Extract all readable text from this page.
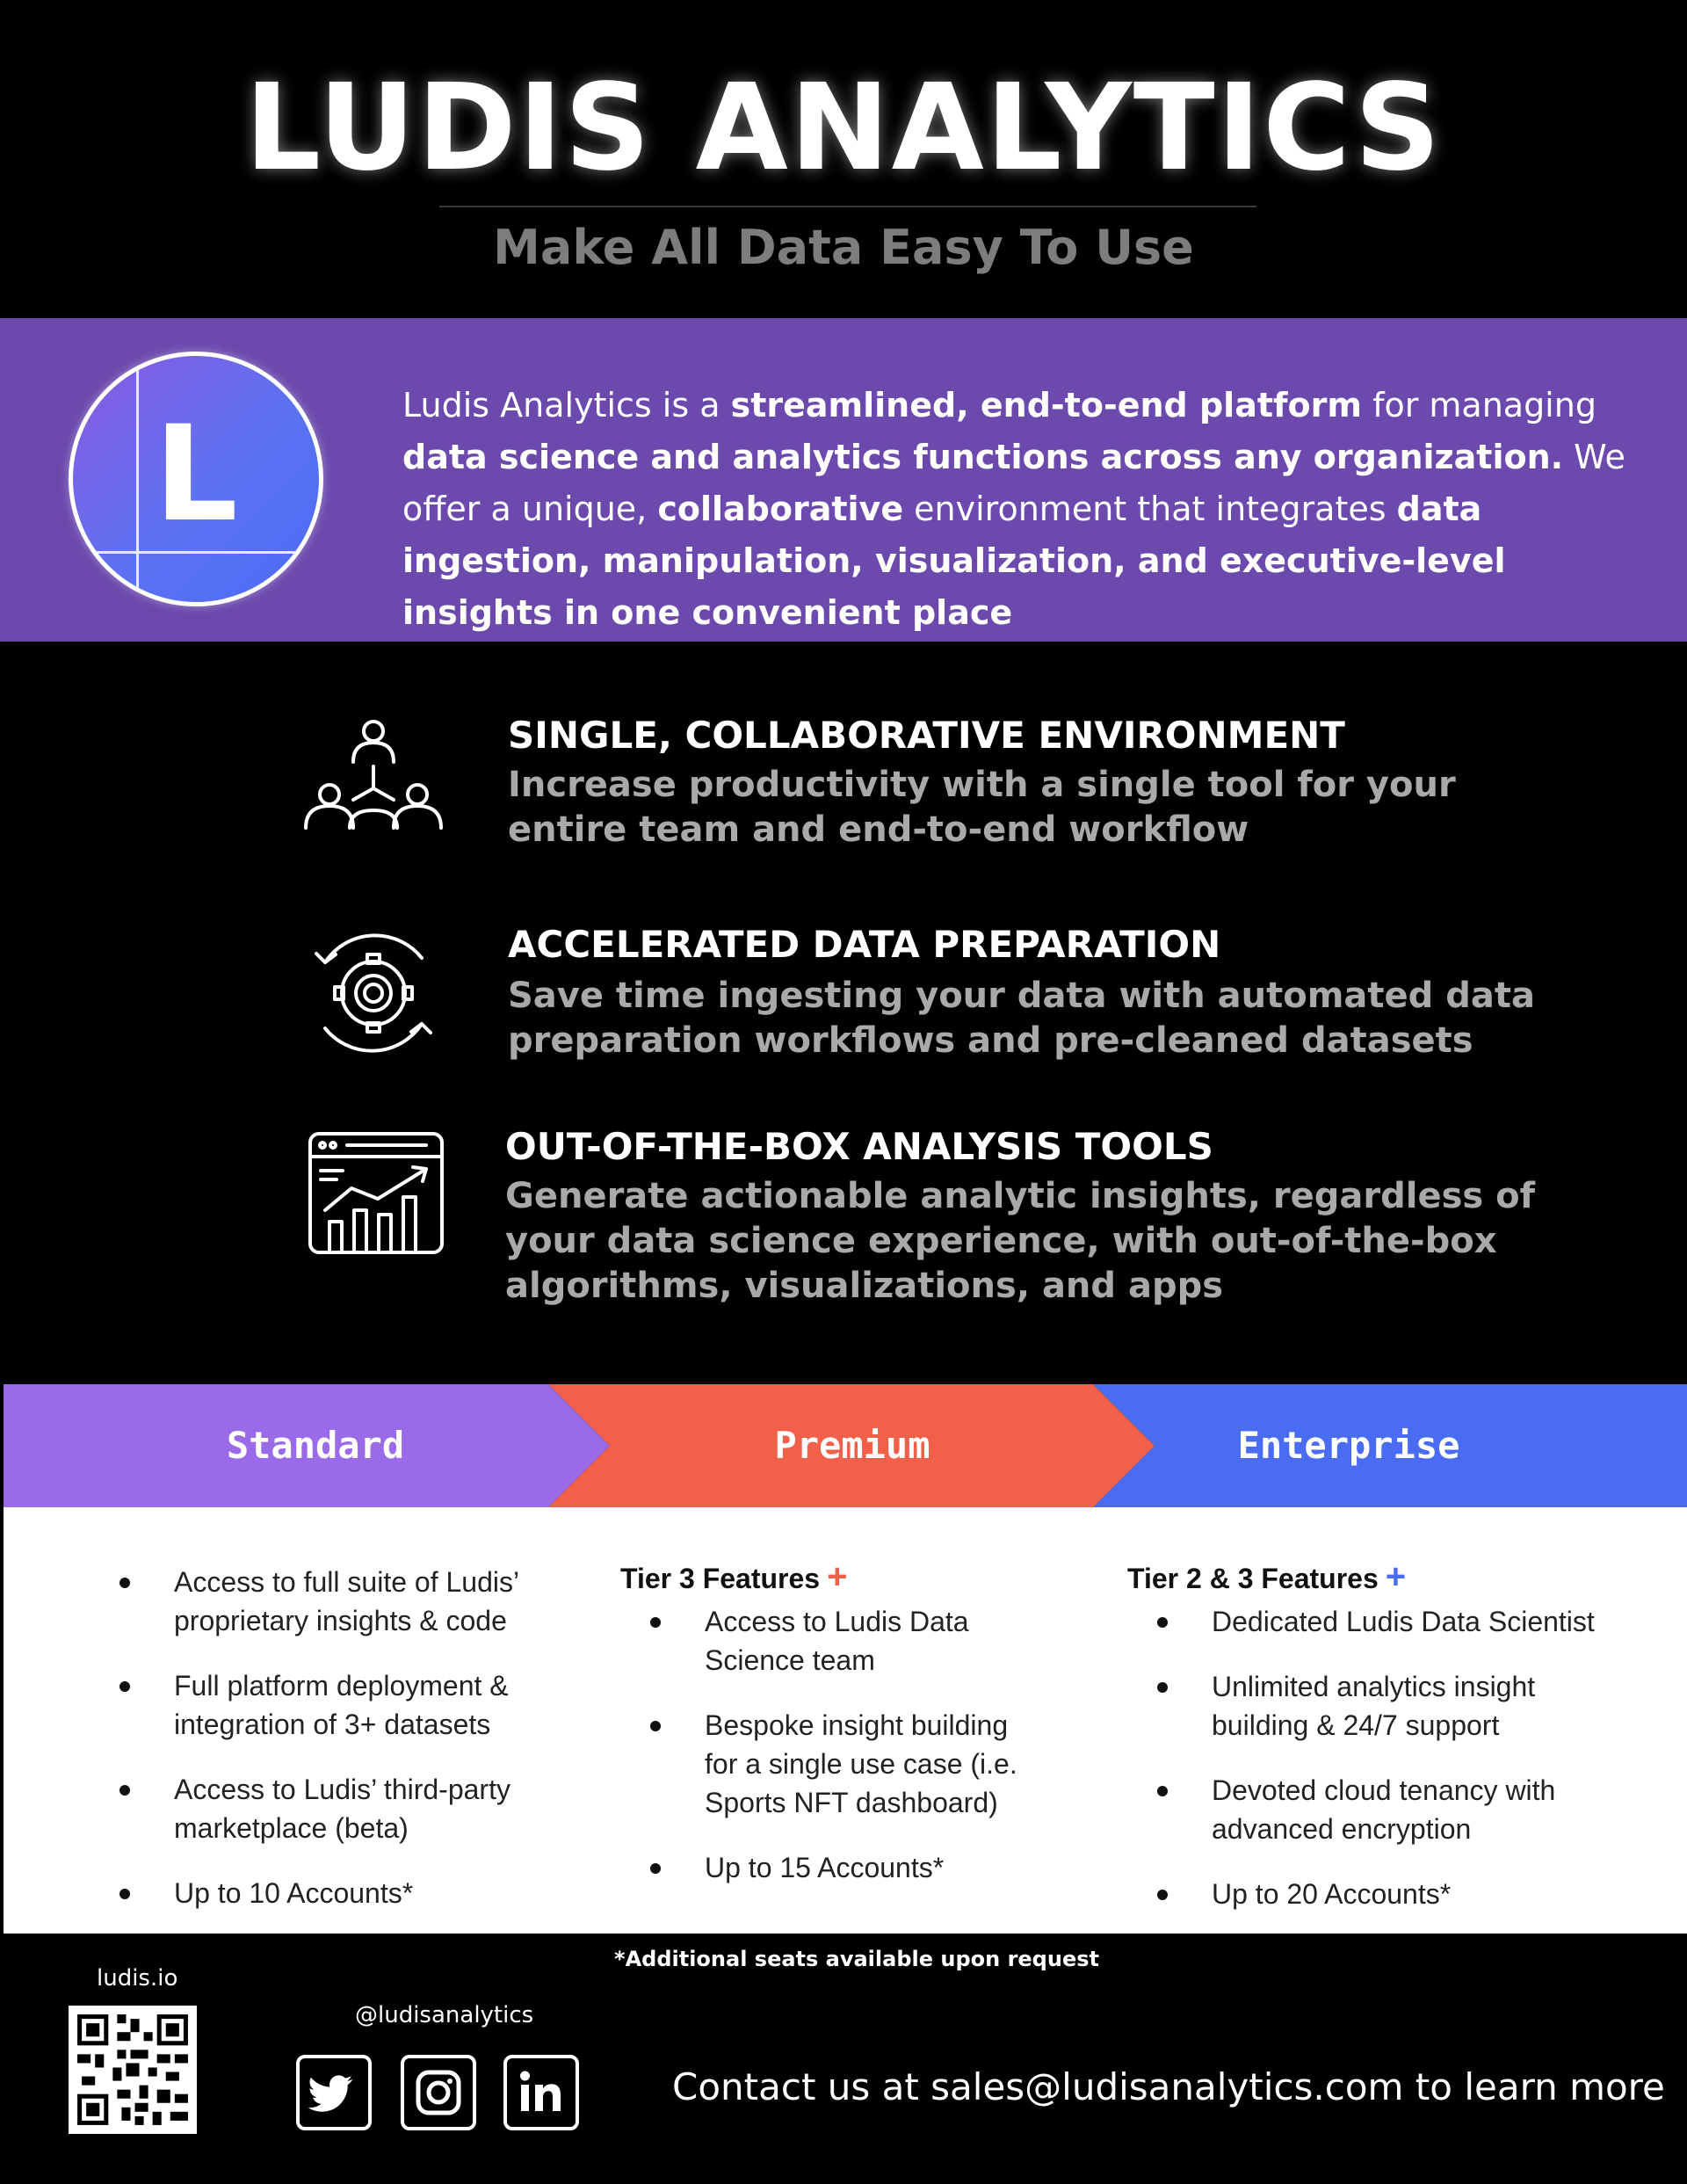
LUDIS ANALYTICS
Make All Data Easy To Use
L	Ludis Analytics is a streamlined, end-to-end platform for managing data science and analytics functions across any organization. We offer a unique, collaborative environment that integrates data ingestion, manipulation, visualization, and executive-level insights in one convenient place
SINGLE, COLLABORATIVE ENVIRONMENT
Increase productivity with a single tool for your
entire team and end-to-end workflow
ACCELERATED DATA PREPARATION
Save time ingesting your data with automated data
preparation workflows and pre-cleaned datasets
OUT-OF-THE-BOX ANALYSIS TOOLS
Generate actionable analytic insights, regardless of
your data science experience, with out-of-the-box
algorithms, visualizations, and apps
Standard	Premium	Enterprise
Access to full suite of Ludis’
proprietary insights & code
Full platform deployment &
integration of 3+ datasets
Access to Ludis’ third-party
marketplace (beta)
Up to 10 Accounts*
Tier 3 Features +
Access to Ludis Data
Science team
Bespoke insight building
for a single use case (i.e.
Sports NFT dashboard)
Up to 15 Accounts*
Tier 2 & 3 Features +
Dedicated Ludis Data Scientist
Unlimited analytics insight
building & 24/7 support
Devoted cloud tenancy with
advanced encryption
Up to 20 Accounts*
*Additional seats available upon request
ludis.io
@ludisanalytics
Contact us at sales@ludisanalytics.com to learn more
